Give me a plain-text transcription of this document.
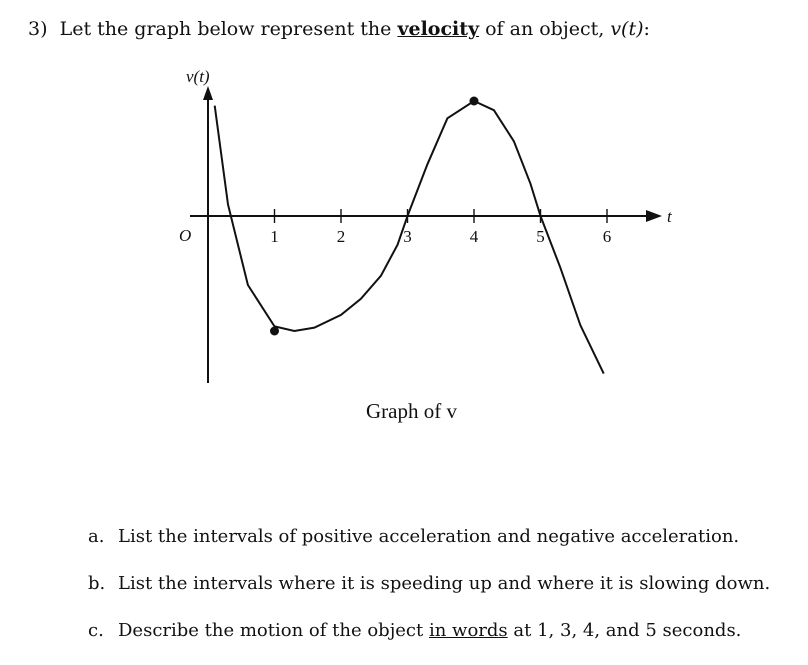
3) Let the graph below represent the velocity of an object, v(t):
v(t)
t
O	1	2	3	4	5	6
Graph of v
a. List the intervals of positive acceleration and negative acceleration.
b. List the intervals where it is speeding up and where it is slowing down.
c. Describe the motion of the object in words at 1, 3, 4, and 5 seconds.
